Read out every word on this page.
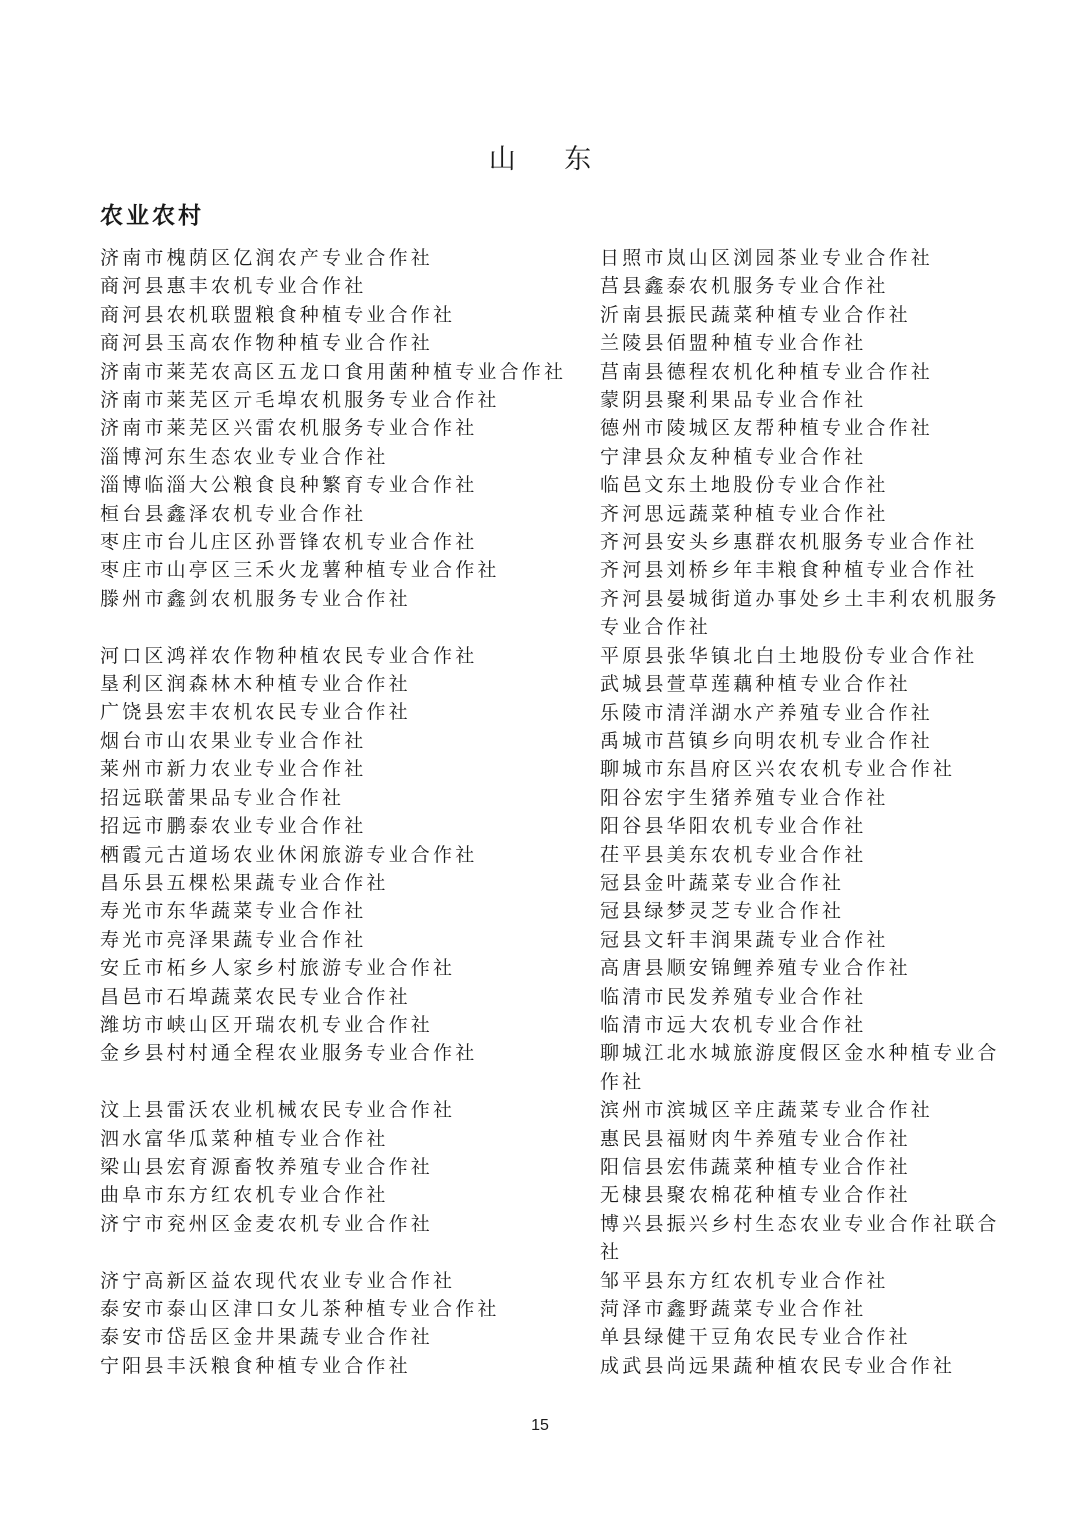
山 东
农业农村
济南市槐荫区亿润农产专业合作社
商河县惠丰农机专业合作社
商河县农机联盟粮食种植专业合作社
商河县玉高农作物种植专业合作社
济南市莱芜农高区五龙口食用菌种植专业合作社
济南市莱芜区亓毛埠农机服务专业合作社
济南市莱芜区兴雷农机服务专业合作社
淄博河东生态农业专业合作社
淄博临淄大公粮食良种繁育专业合作社
桓台县鑫泽农机专业合作社
枣庄市台儿庄区孙晋锋农机专业合作社
枣庄市山亭区三禾火龙薯种植专业合作社
滕州市鑫剑农机服务专业合作社
河口区鸿祥农作物种植农民专业合作社
垦利区润森林木种植专业合作社
广饶县宏丰农机农民专业合作社
烟台市山农果业专业合作社
莱州市新力农业专业合作社
招远联蕾果品专业合作社
招远市鹏泰农业专业合作社
栖霞元古道场农业休闲旅游专业合作社
昌乐县五棵松果蔬专业合作社
寿光市东华蔬菜专业合作社
寿光市亮泽果蔬专业合作社
安丘市柘乡人家乡村旅游专业合作社
昌邑市石埠蔬菜农民专业合作社
潍坊市峡山区开瑞农机专业合作社
金乡县村村通全程农业服务专业合作社
汶上县雷沃农业机械农民专业合作社
泗水富华瓜菜种植专业合作社
梁山县宏育源畜牧养殖专业合作社
曲阜市东方红农机专业合作社
济宁市兖州区金麦农机专业合作社
济宁高新区益农现代农业专业合作社
泰安市泰山区津口女儿茶种植专业合作社
泰安市岱岳区金井果蔬专业合作社
宁阳县丰沃粮食种植专业合作社
日照市岚山区浏园茶业专业合作社
莒县鑫泰农机服务专业合作社
沂南县振民蔬菜种植专业合作社
兰陵县佰盟种植专业合作社
莒南县德程农机化种植专业合作社
蒙阴县聚利果品专业合作社
德州市陵城区友帮种植专业合作社
宁津县众友种植专业合作社
临邑文东土地股份专业合作社
齐河思远蔬菜种植专业合作社
齐河县安头乡惠群农机服务专业合作社
齐河县刘桥乡年丰粮食种植专业合作社
齐河县晏城街道办事处乡土丰利农机服务专业合作社
平原县张华镇北白土地股份专业合作社
武城县萱草莲藕种植专业合作社
乐陵市清洋湖水产养殖专业合作社
禹城市莒镇乡向明农机专业合作社
聊城市东昌府区兴农农机专业合作社
阳谷宏宇生猪养殖专业合作社
阳谷县华阳农机专业合作社
茌平县美东农机专业合作社
冠县金叶蔬菜专业合作社
冠县绿梦灵芝专业合作社
冠县文轩丰润果蔬专业合作社
高唐县顺安锦鲤养殖专业合作社
临清市民发养殖专业合作社
临清市远大农机专业合作社
聊城江北水城旅游度假区金水种植专业合作社
滨州市滨城区辛庄蔬菜专业合作社
惠民县福财肉牛养殖专业合作社
阳信县宏伟蔬菜种植专业合作社
无棣县聚农棉花种植专业合作社
博兴县振兴乡村生态农业专业合作社联合社
邹平县东方红农机专业合作社
菏泽市鑫野蔬菜专业合作社
单县绿健干豆角农民专业合作社
成武县尚远果蔬种植农民专业合作社
15
